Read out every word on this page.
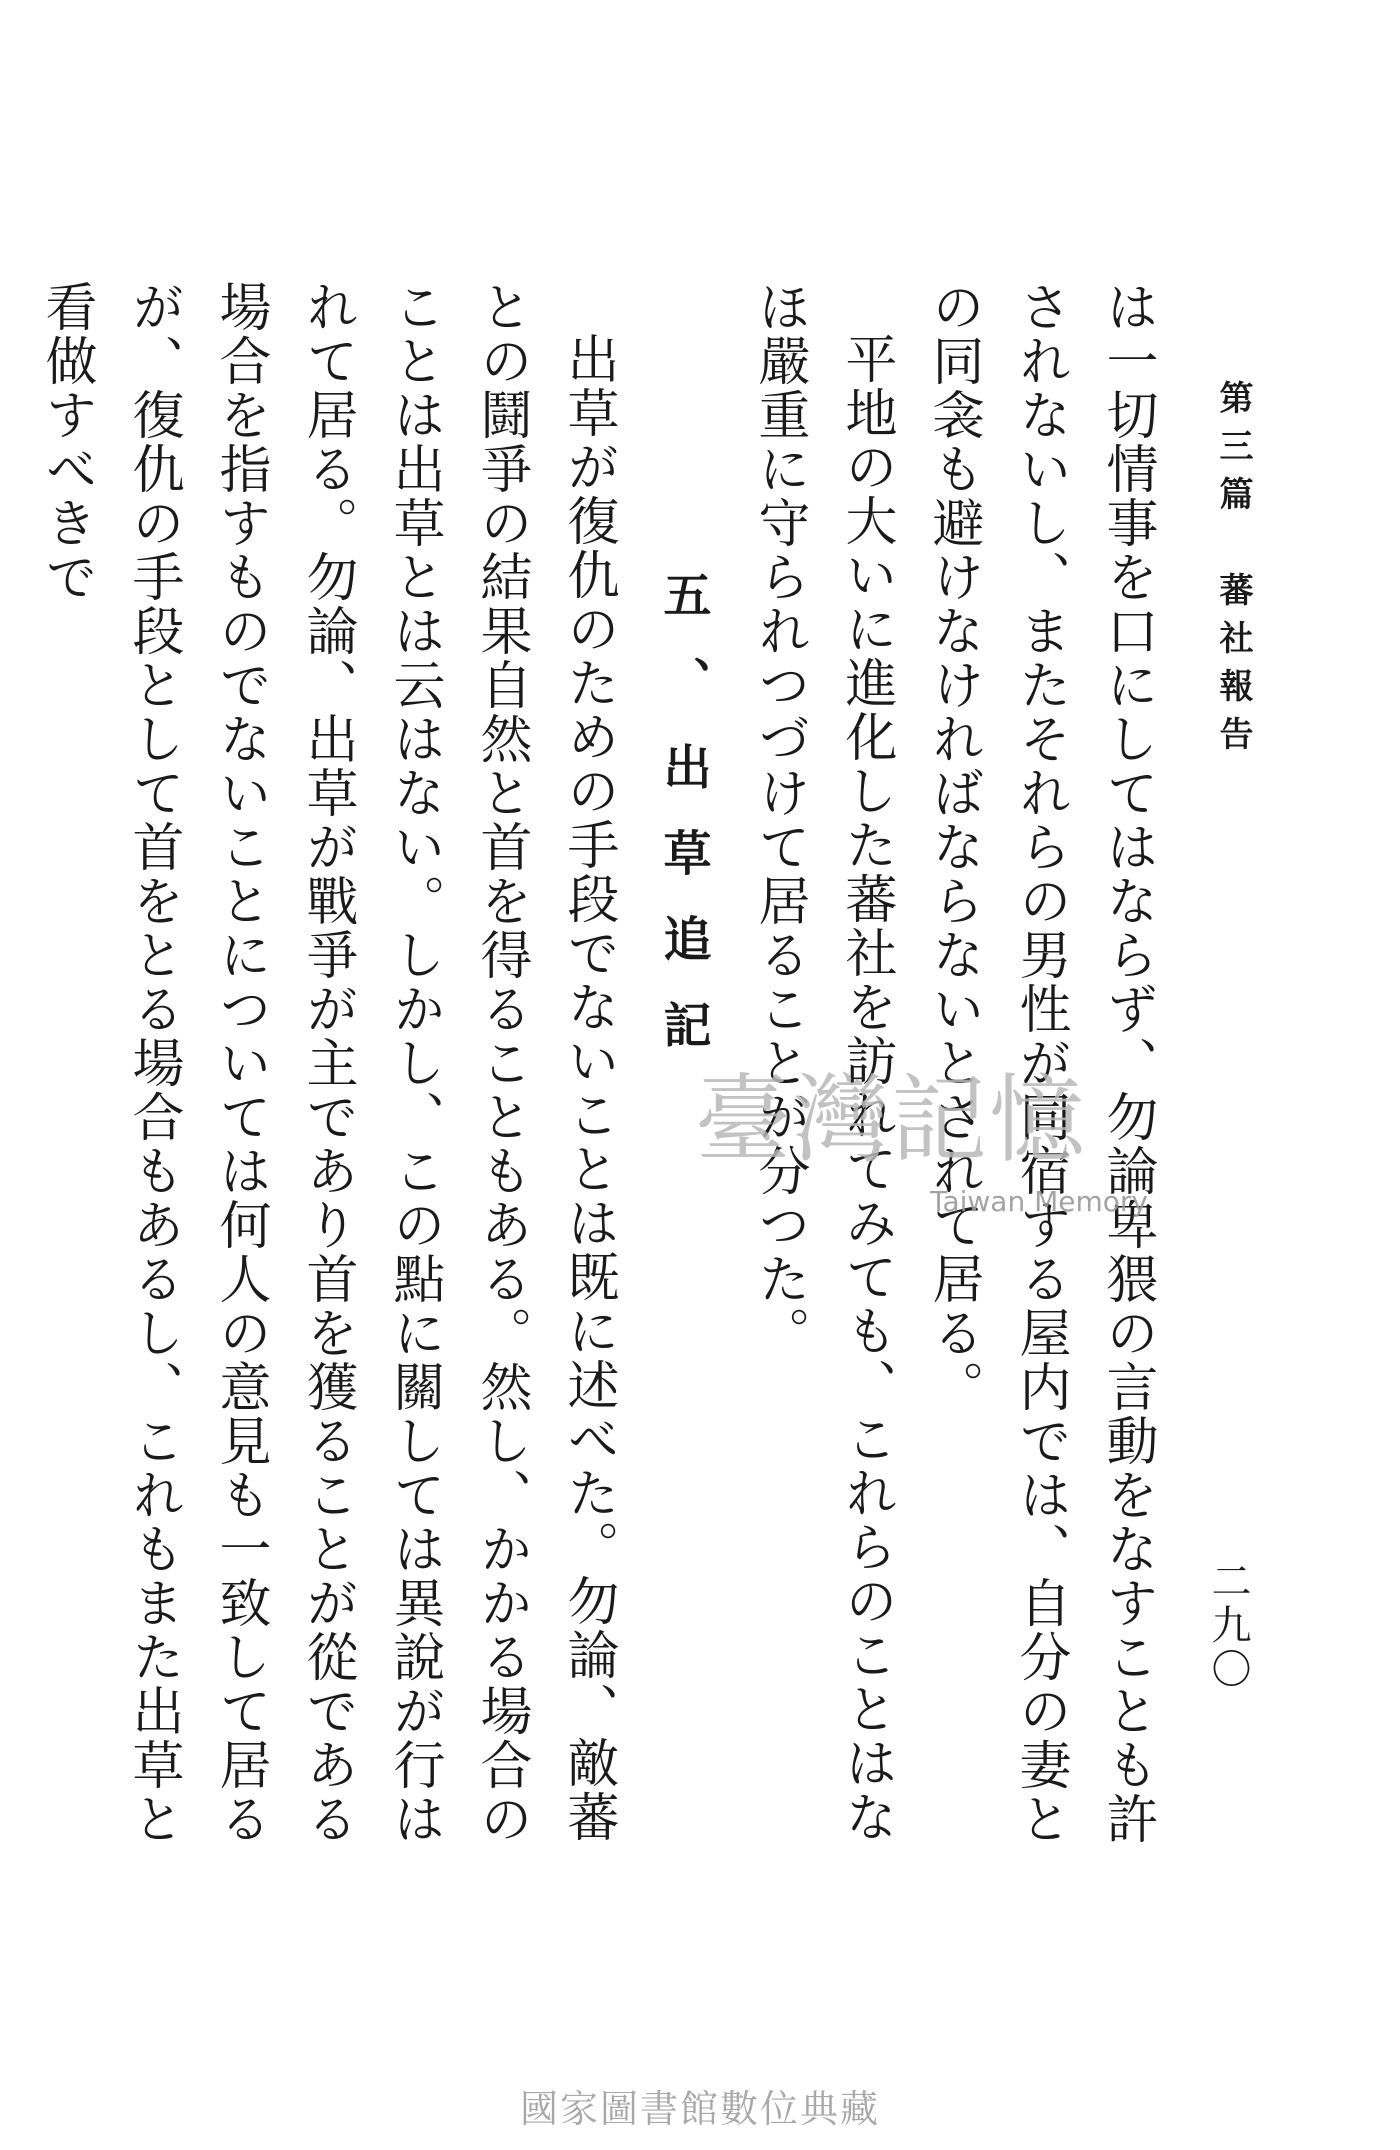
第三篇　蕃社報告
二九〇

は一切情事を口にしてはならず、勿論卑猥の言動をなすことも許されないし、またそれらの男性が同宿する屋内では、自分の妻との同衾も避けなければならないとされて居る。

平地の大いに進化した蕃社を訪れてみても、これらのことはなほ嚴重に守られつづけて居ることが分つた。

五、出草追記

出草が復仇のための手段でないことは既に述べた。勿論、敵蕃との鬪爭の結果自然と首を得ることもある。然し、かかる場合のことは出草とは云はない。しかし、この點に關しては異說が行はれて居る。勿論、出草が戰爭が主であり首を獲ることが從である場合を指すものでないことについては何人の意見も一致して居るが、復仇の手段として首をとる場合もあるし、これもまた出草と看做すべきで

臺灣記憶
Taiwan Memory
國家圖書館數位典藏
